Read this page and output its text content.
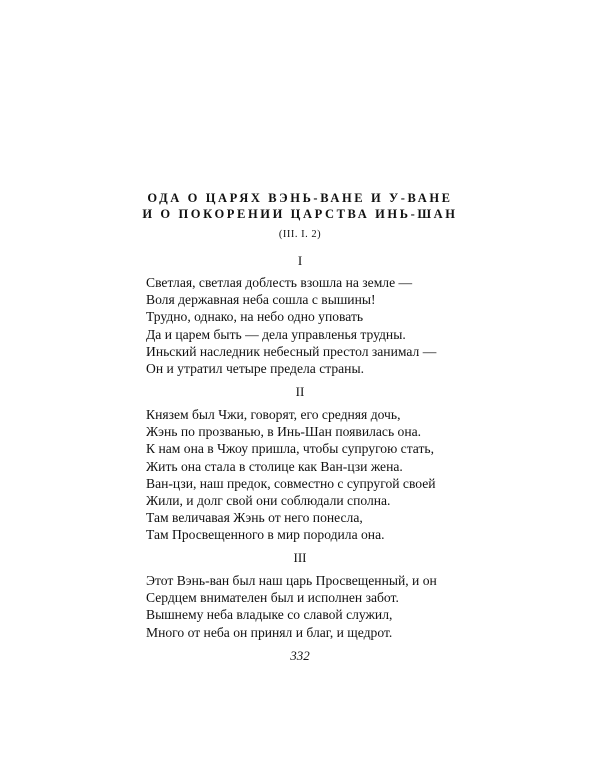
ОДА О ЦАРЯХ ВЭНЬ-ВАНЕ И У-ВАНЕ
И О ПОКОРЕНИИ ЦАРСТВА ИНЬ-ШАН
(III. I. 2)
I
Светлая, светлая доблесть взошла на земле —
Воля державная неба сошла с вышины!
Трудно, однако, на небо одно уповать
Да и царем быть — дела управленья трудны.
Иньский наследник небесный престол занимал —
Он и утратил четыре предела страны.
II
Князем был Чжи, говорят, его средняя дочь,
Жэнь по прозванью, в Инь-Шан появилась она.
К нам она в Чжоу пришла, чтобы супругою стать,
Жить она стала в столице как Ван-цзи жена.
Ван-цзи, наш предок, совместно с супругой своей
Жили, и долг свой они соблюдали сполна.
Там величавая Жэнь от него понесла,
Там Просвещенного в мир породила она.
III
Этот Вэнь-ван был наш царь Просвещенный, и он
Сердцем внимателен был и исполнен забот.
Вышнему неба владыке со славой служил,
Много от неба он принял и благ, и щедрот.
332
